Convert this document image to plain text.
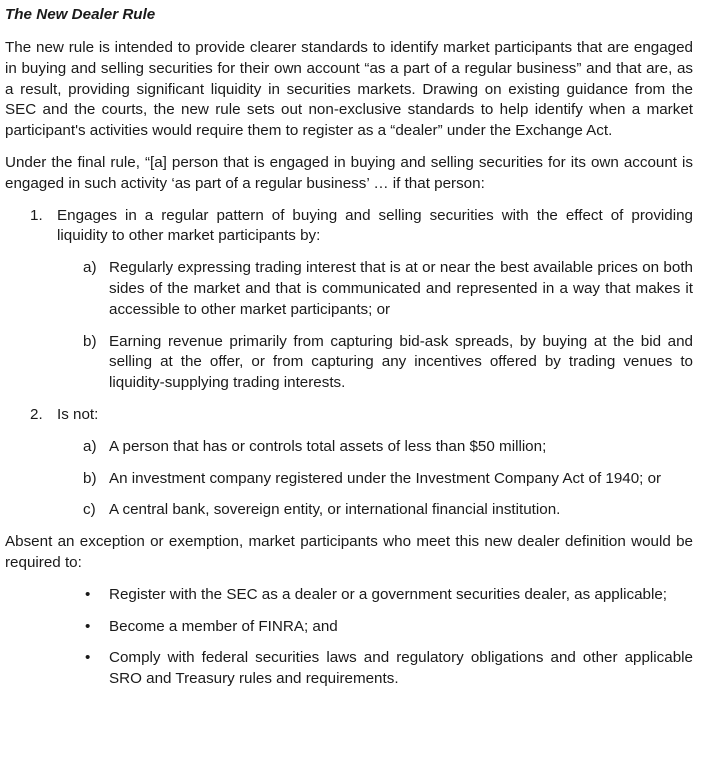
The New Dealer Rule

The new rule is intended to provide clearer standards to identify market participants that are engaged in buying and selling securities for their own account “as a part of a regular business” and that are, as a result, providing significant liquidity in securities markets. Drawing on existing guidance from the SEC and the courts, the new rule sets out non-exclusive standards to help identify when a market participant's activities would require them to register as a “dealer” under the Exchange Act.

Under the final rule, “[a] person that is engaged in buying and selling securities for its own account is engaged in such activity ‘as part of a regular business’ … if that person:

1. Engages in a regular pattern of buying and selling securities with the effect of providing liquidity to other market participants by:
a) Regularly expressing trading interest that is at or near the best available prices on both sides of the market and that is communicated and represented in a way that makes it accessible to other market participants; or
b) Earning revenue primarily from capturing bid-ask spreads, by buying at the bid and selling at the offer, or from capturing any incentives offered by trading venues to liquidity-supplying trading interests.
2. Is not:
a) A person that has or controls total assets of less than $50 million;
b) An investment company registered under the Investment Company Act of 1940; or
c) A central bank, sovereign entity, or international financial institution.

Absent an exception or exemption, market participants who meet this new dealer definition would be required to:

•	Register with the SEC as a dealer or a government securities dealer, as applicable;
•	Become a member of FINRA; and
•	Comply with federal securities laws and regulatory obligations and other applicable SRO and Treasury rules and requirements.
